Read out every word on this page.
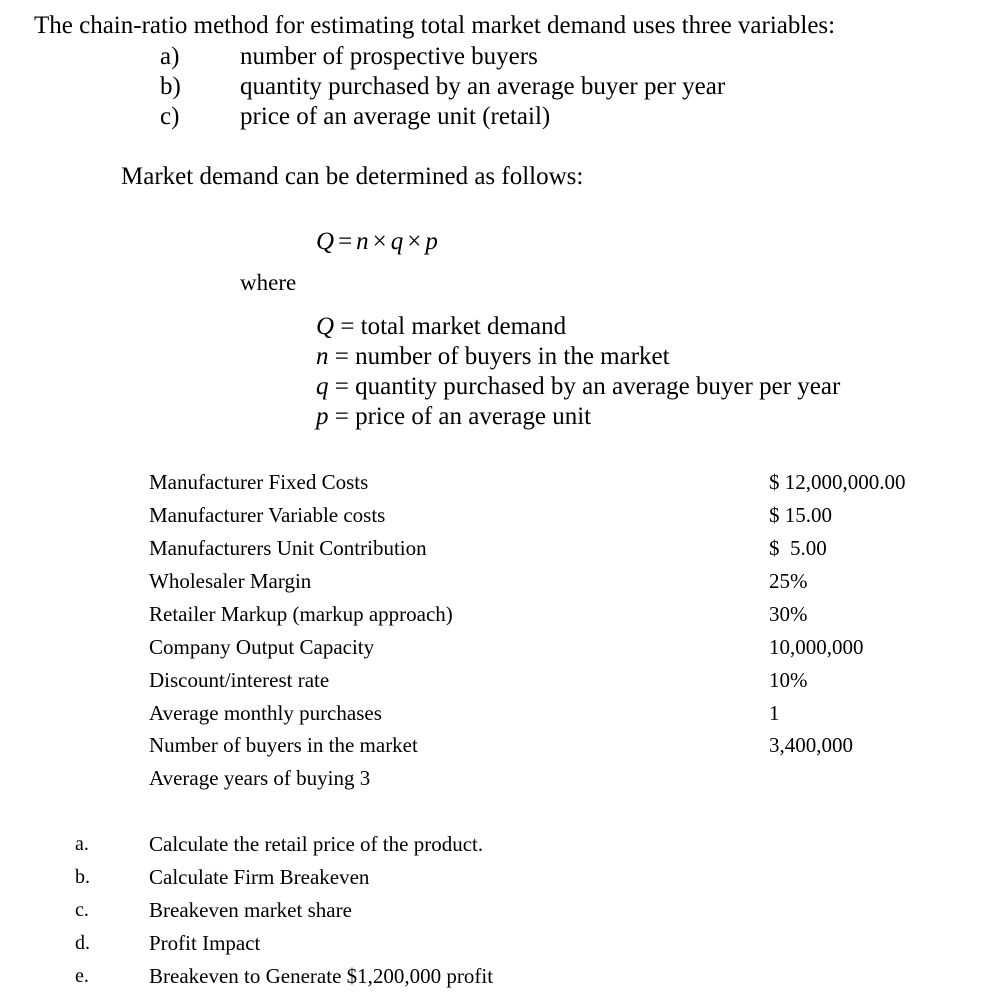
The chain-ratio method for estimating total market demand uses three variables:
a) number of prospective buyers
b) quantity purchased by an average buyer per year
c) price of an average unit (retail)
Market demand can be determined as follows:
Q = n × q × p
where
Q = total market demand
n = number of buyers in the market
q = quantity purchased by an average buyer per year
p = price of an average unit
Manufacturer Fixed Costs	$ 12,000,000.00
Manufacturer Variable costs	$ 15.00
Manufacturers Unit Contribution	$  5.00
Wholesaler Margin	25%
Retailer Markup (markup approach)	30%
Company Output Capacity	10,000,000
Discount/interest rate	10%
Average monthly purchases	1
Number of buyers in the market	3,400,000
Average years of buying 3
a.	Calculate the retail price of the product.
b.	Calculate Firm Breakeven
c.	Breakeven market share
d.	Profit Impact
e.	Breakeven to Generate $1,200,000 profit
